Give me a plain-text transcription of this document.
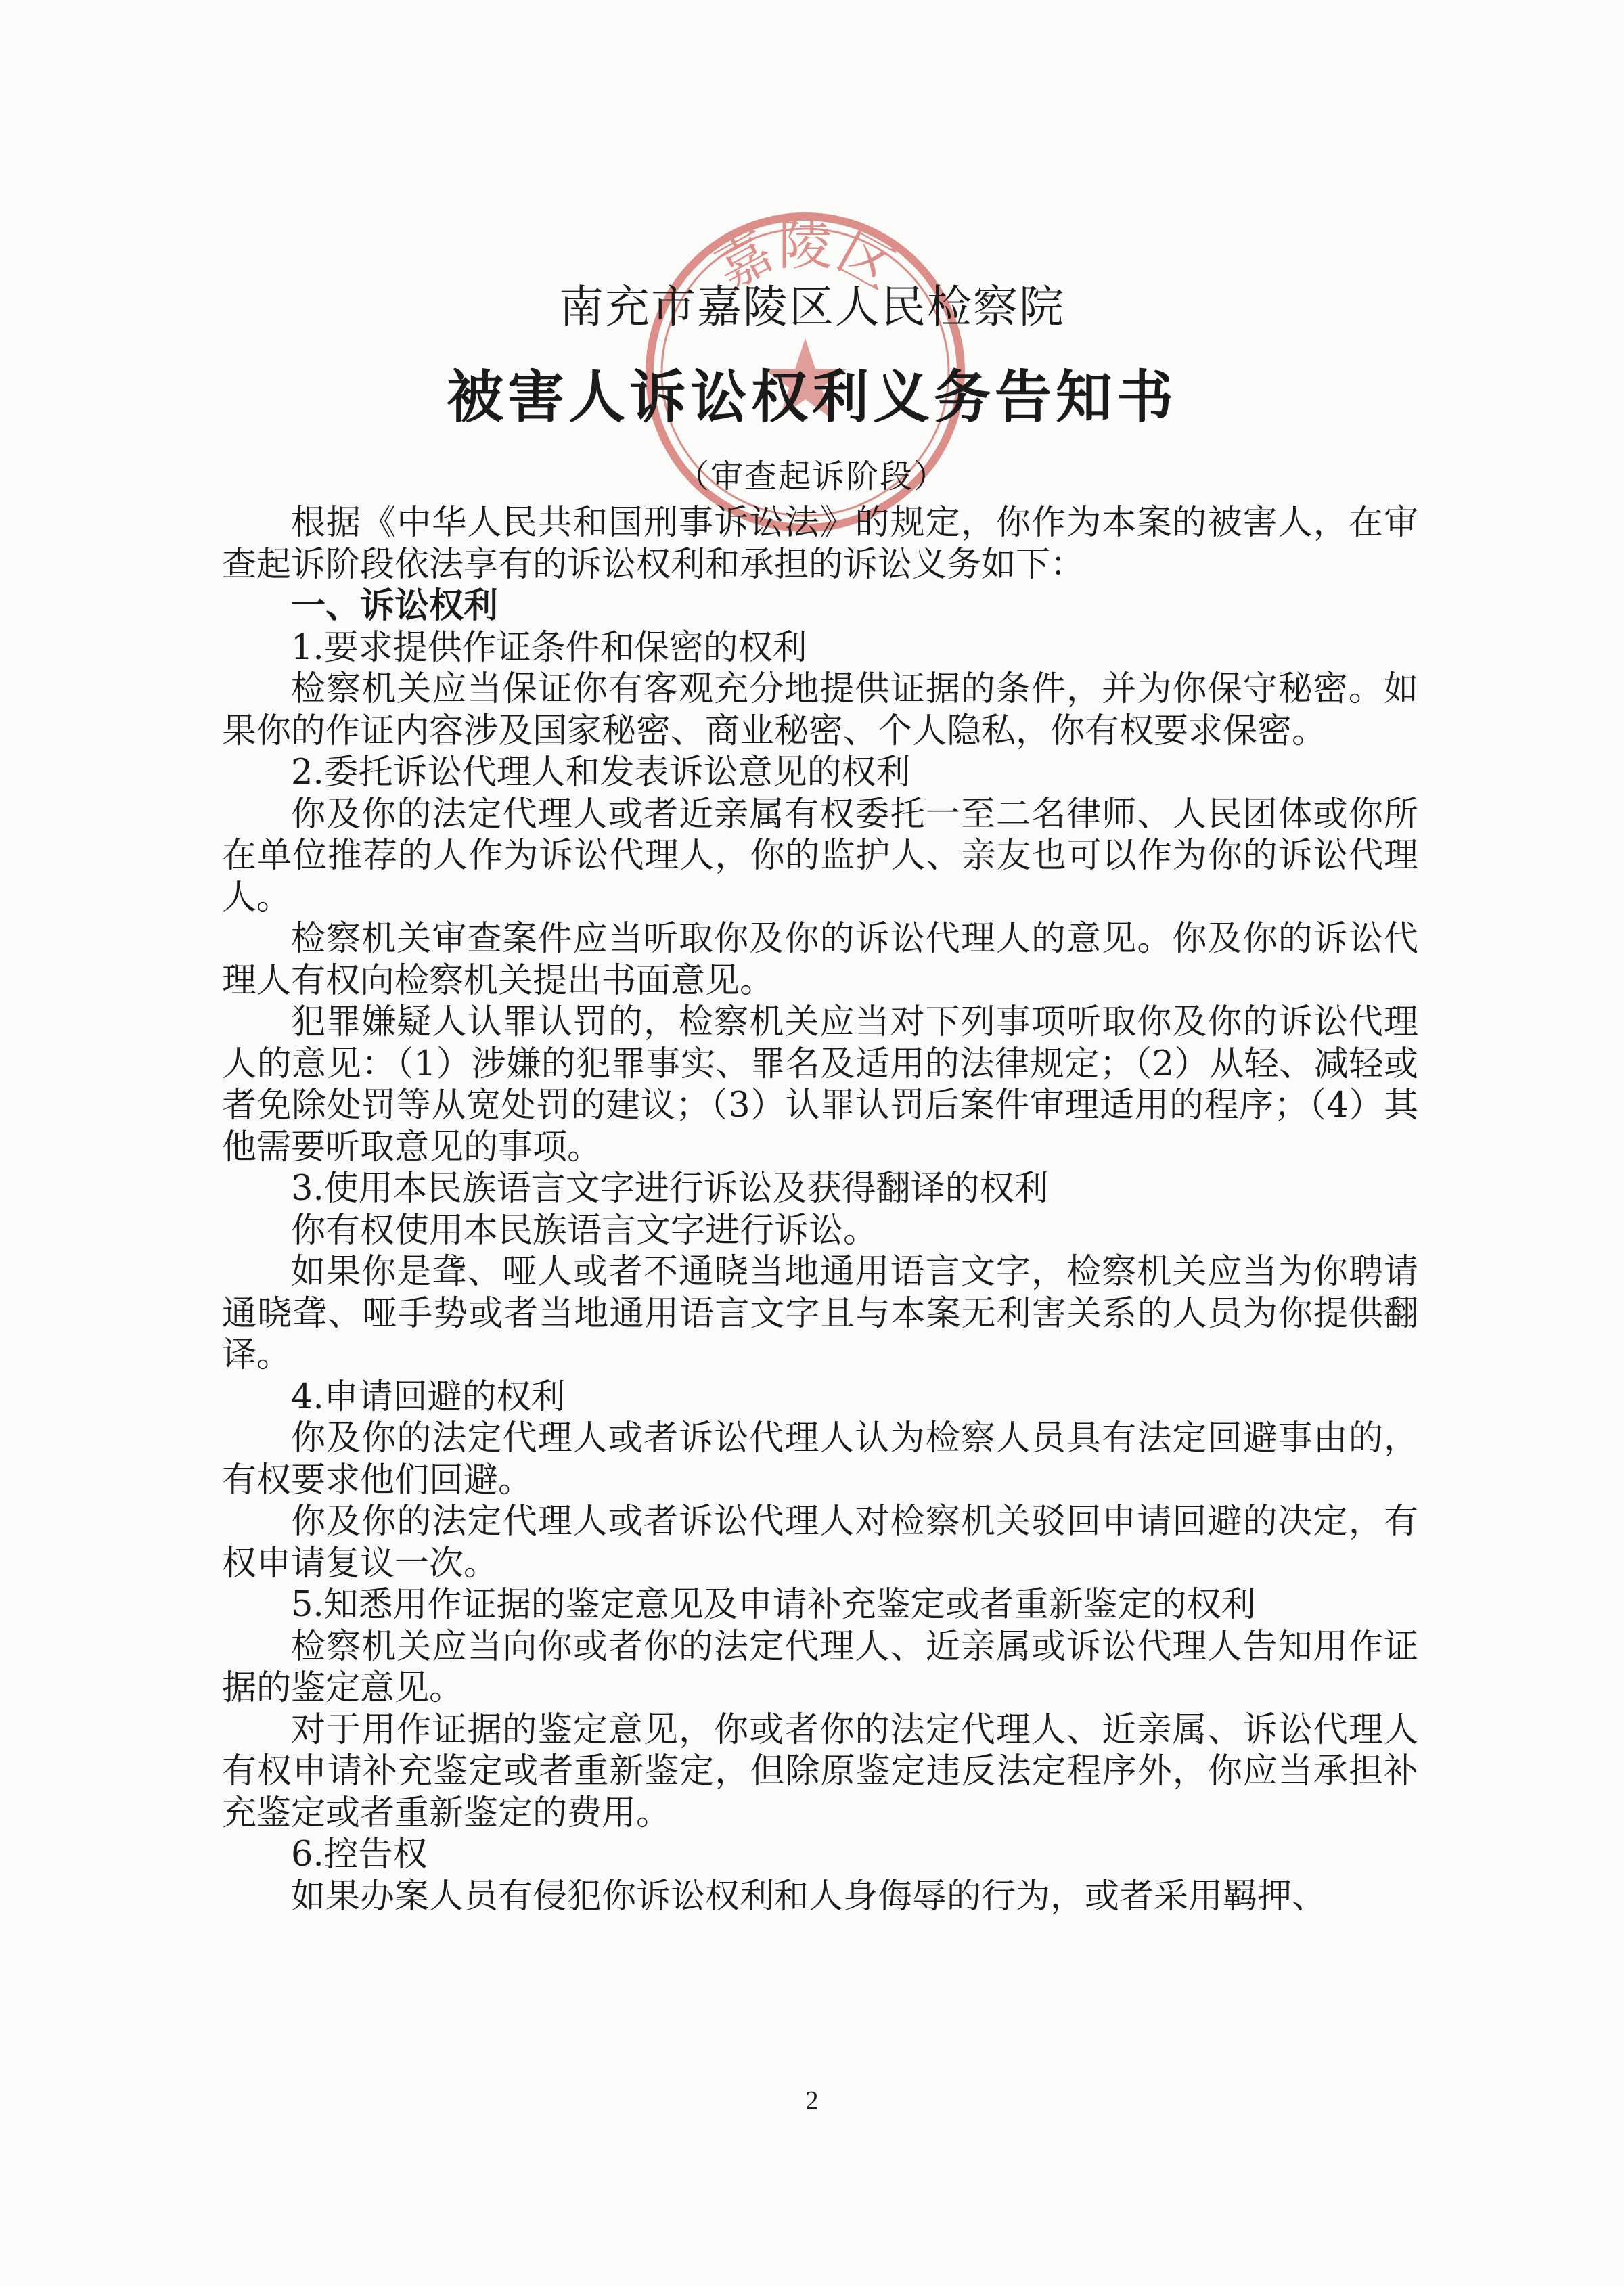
嘉陵区
南充市嘉陵区人民检察院
被害人诉讼权利义务告知书
（审查起诉阶段）

根据《中华人民共和国刑事诉讼法》的规定，你作为本案的被害人，在审查起诉阶段依法享有的诉讼权利和承担的诉讼义务如下：

一、诉讼权利

1.要求提供作证条件和保密的权利

检察机关应当保证你有客观充分地提供证据的条件，并为你保守秘密。如果你的作证内容涉及国家秘密、商业秘密、个人隐私，你有权要求保密。

2.委托诉讼代理人和发表诉讼意见的权利

你及你的法定代理人或者近亲属有权委托一至二名律师、人民团体或你所在单位推荐的人作为诉讼代理人，你的监护人、亲友也可以作为你的诉讼代理人。

检察机关审查案件应当听取你及你的诉讼代理人的意见。你及你的诉讼代理人有权向检察机关提出书面意见。

犯罪嫌疑人认罪认罚的，检察机关应当对下列事项听取你及你的诉讼代理人的意见：（1）涉嫌的犯罪事实、罪名及适用的法律规定；（2）从轻、减轻或者免除处罚等从宽处罚的建议；（3）认罪认罚后案件审理适用的程序；（4）其他需要听取意见的事项。

3.使用本民族语言文字进行诉讼及获得翻译的权利

你有权使用本民族语言文字进行诉讼。

如果你是聋、哑人或者不通晓当地通用语言文字，检察机关应当为你聘请通晓聋、哑手势或者当地通用语言文字且与本案无利害关系的人员为你提供翻译。

4.申请回避的权利

你及你的法定代理人或者诉讼代理人认为检察人员具有法定回避事由的，有权要求他们回避。

你及你的法定代理人或者诉讼代理人对检察机关驳回申请回避的决定，有权申请复议一次。

5.知悉用作证据的鉴定意见及申请补充鉴定或者重新鉴定的权利

检察机关应当向你或者你的法定代理人、近亲属或诉讼代理人告知用作证据的鉴定意见。

对于用作证据的鉴定意见，你或者你的法定代理人、近亲属、诉讼代理人有权申请补充鉴定或者重新鉴定，但除原鉴定违反法定程序外，你应当承担补充鉴定或者重新鉴定的费用。

6.控告权

如果办案人员有侵犯你诉讼权利和人身侮辱的行为，或者采用羁押、

2
